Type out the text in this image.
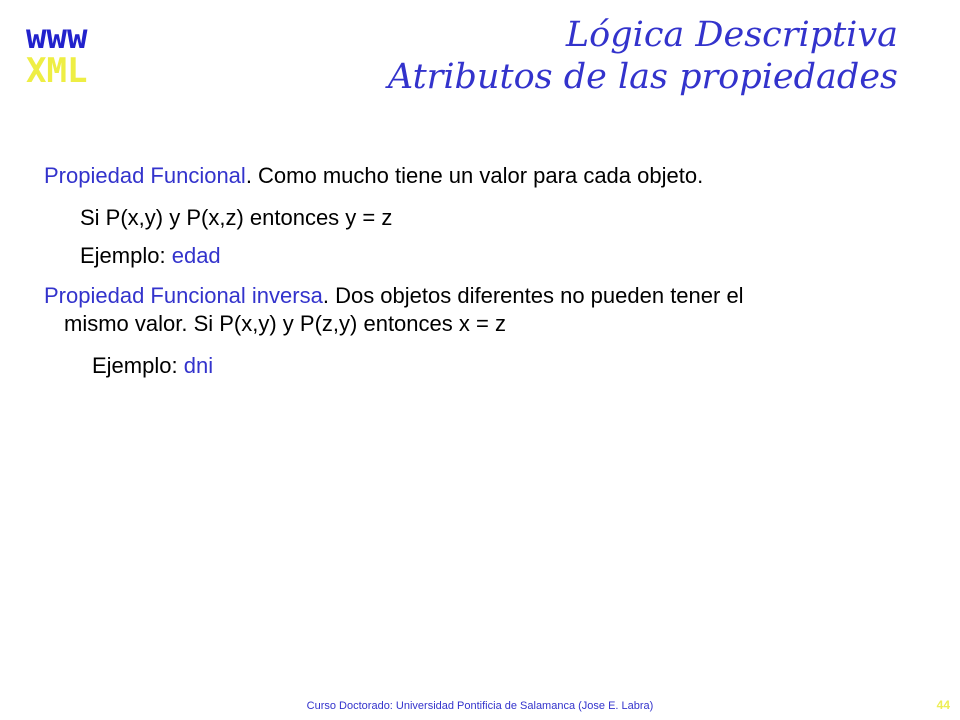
www
XML
Lógica Descriptiva
Atributos de las propiedades
Propiedad Funcional. Como mucho tiene un valor para cada objeto.
Si P(x,y) y P(x,z) entonces y = z
Ejemplo: edad
Propiedad Funcional inversa. Dos objetos diferentes no pueden tener el
mismo valor. Si P(x,y) y P(z,y) entonces x = z
Ejemplo: dni
Curso Doctorado: Universidad Pontificia de Salamanca (Jose E. Labra)	44
